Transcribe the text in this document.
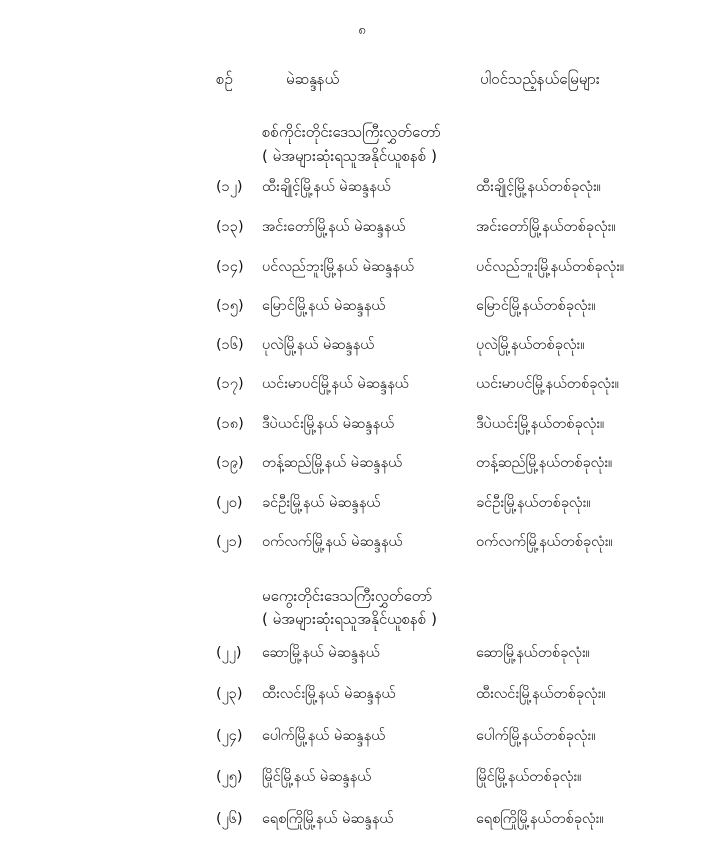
၈
စဉ်	မဲဆန္ဒနယ်	ပါဝင်သည့်နယ်မြေများ
စစ်ကိုင်းတိုင်းဒေသကြီးလွှတ်တော်
( မဲအများဆုံးရသူအနိုင်ယူစနစ် )
(၁၂) ထီးချိုင့်မြို့နယ် မဲဆန္ဒနယ်	ထီးချိုင့်မြို့နယ်တစ်ခုလုံး။
(၁၃) အင်းတော်မြို့နယ် မဲဆန္ဒနယ်	အင်းတော်မြို့နယ်တစ်ခုလုံး။
(၁၄) ပင်လည်ဘူးမြို့နယ် မဲဆန္ဒနယ်	ပင်လည်ဘူးမြို့နယ်တစ်ခုလုံး။
(၁၅) မြောင်မြို့နယ် မဲဆန္ဒနယ်	မြောင်မြို့နယ်တစ်ခုလုံး။
(၁၆) ပုလဲမြို့နယ် မဲဆန္ဒနယ်	ပုလဲမြို့နယ်တစ်ခုလုံး။
(၁၇) ယင်းမာပင်မြို့နယ် မဲဆန္ဒနယ်	ယင်းမာပင်မြို့နယ်တစ်ခုလုံး။
(၁၈) ဒီပဲယင်းမြို့နယ် မဲဆန္ဒနယ်	ဒီပဲယင်းမြို့နယ်တစ်ခုလုံး။
(၁၉) တန့်ဆည်မြို့နယ် မဲဆန္ဒနယ်	တန့်ဆည်မြို့နယ်တစ်ခုလုံး။
(၂၀) ခင်ဦးမြို့နယ် မဲဆန္ဒနယ်	ခင်ဦးမြို့နယ်တစ်ခုလုံး။
(၂၁) ဝက်လက်မြို့နယ် မဲဆန္ဒနယ်	ဝက်လက်မြို့နယ်တစ်ခုလုံး။
မကွေးတိုင်းဒေသကြီးလွှတ်တော်
( မဲအများဆုံးရသူအနိုင်ယူစနစ် )
(၂၂) ဆောမြို့နယ် မဲဆန္ဒနယ်	ဆောမြို့နယ်တစ်ခုလုံး။
(၂၃) ထီးလင်းမြို့နယ် မဲဆန္ဒနယ်	ထီးလင်းမြို့နယ်တစ်ခုလုံး။
(၂၄) ပေါက်မြို့နယ် မဲဆန္ဒနယ်	ပေါက်မြို့နယ်တစ်ခုလုံး။
(၂၅) မြိုင်မြို့နယ် မဲဆန္ဒနယ်	မြိုင်မြို့နယ်တစ်ခုလုံး။
(၂၆) ရေစကြိုမြို့နယ် မဲဆန္ဒနယ်	ရေစကြိုမြို့နယ်တစ်ခုလုံး။
